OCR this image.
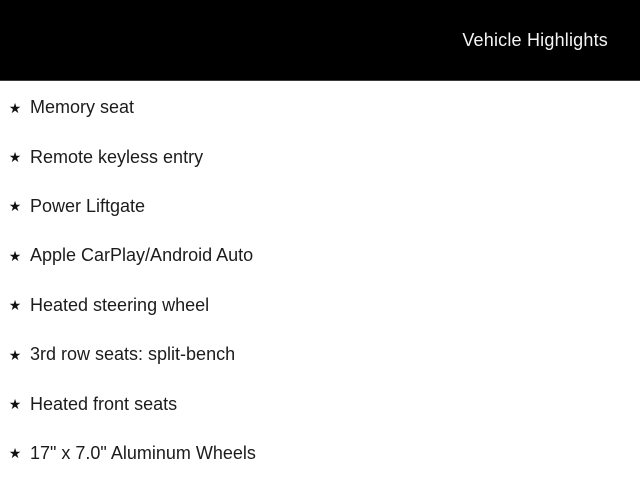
Vehicle Highlights
★ Memory seat
★ Remote keyless entry
★ Power Liftgate
★ Apple CarPlay/Android Auto
★ Heated steering wheel
★ 3rd row seats: split-bench
★ Heated front seats
★ 17" x 7.0" Aluminum Wheels
